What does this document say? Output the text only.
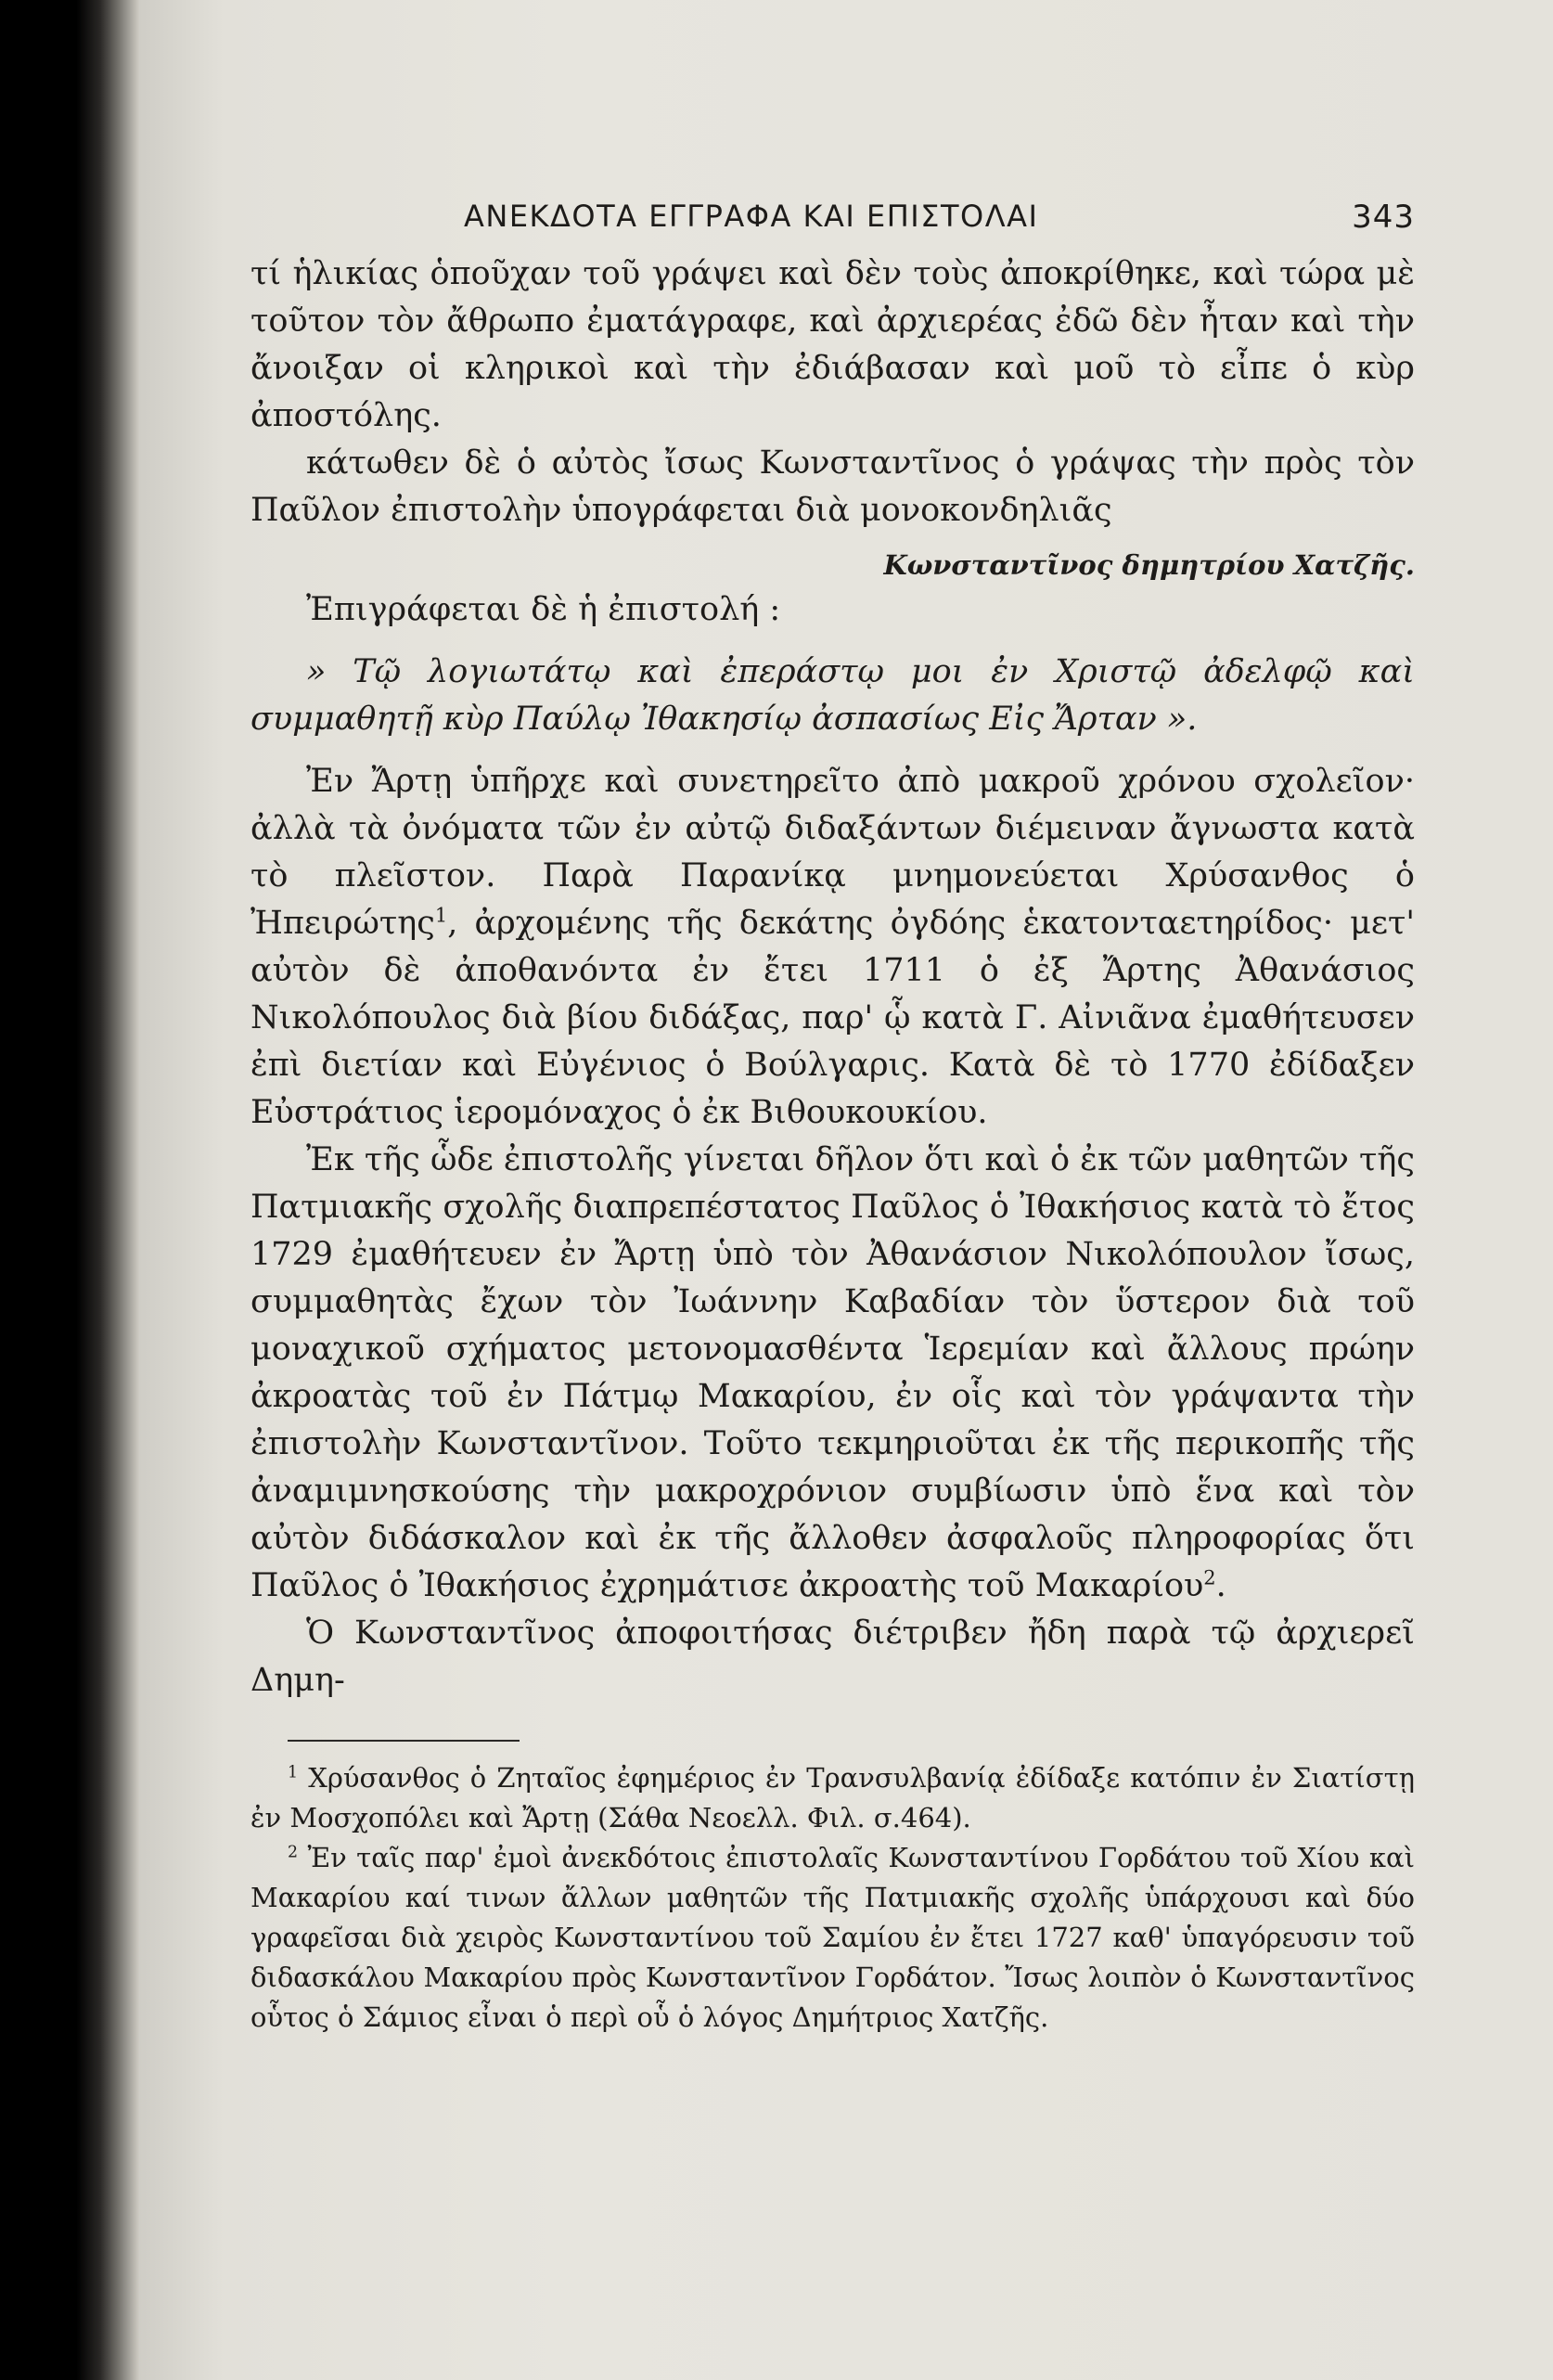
ΑΝΕΚΔΟΤΑ ΕΓΓΡΑΦΑ ΚΑΙ ΕΠΙΣΤΟΛΑΙ	343

τί ἡλικίας ὁποῦχαν τοῦ γράψει καὶ δὲν τοὺς ἀποκρίθηκε, καὶ τώρα μὲ τοῦτον τὸν ἄθρωπο ἐματάγραφε, καὶ ἀρχιερέας ἐδῶ δὲν ἦταν καὶ τὴν ἄνοιξαν οἱ κληρικοὶ καὶ τὴν ἐδιάβασαν καὶ μοῦ τὸ εἶπε ὁ κὺρ ἀποστόλης.

κάτωθεν δὲ ὁ αὐτὸς ἴσως Κωνσταντῖνος ὁ γράψας τὴν πρὸς τὸν Παῦλον ἐπιστολὴν ὑπογράφεται διὰ μονοκονδηλιᾶς

Κωνσταντῖνος δημητρίου Χατζῆς.

Ἐπιγράφεται δὲ ἡ ἐπιστολή :

» Τῷ λογιωτάτῳ καὶ ἐπεράστῳ μοι ἐν Χριστῷ ἀδελφῷ καὶ συμμαθητῇ κὺρ Παύλῳ Ἰθακησίῳ ἀσπασίως Εἰς Ἄρταν ».

Ἐν Ἄρτῃ ὑπῆρχε καὶ συνετηρεῖτο ἀπὸ μακροῦ χρόνου σχολεῖον· ἀλλὰ τὰ ὀνόματα τῶν ἐν αὐτῷ διδαξάντων διέμειναν ἄγνωστα κατὰ τὸ πλεῖστον. Παρὰ Παρανίκᾳ μνημονεύεται Χρύσανθος ὁ Ἠπειρώτης$^1$, ἀρχομένης τῆς δεκάτης ὀγδόης ἑκατονταετηρίδος· μετ' αὐτὸν δὲ ἀποθανόντα ἐν ἔτει 1711 ὁ ἐξ Ἄρτης Ἀθανάσιος Νικολόπουλος διὰ βίου διδάξας, παρ' ᾧ κατὰ Γ. Αἰνιᾶνα ἐμαθήτευσεν ἐπὶ διετίαν καὶ Εὐγένιος ὁ Βούλγαρις. Κατὰ δὲ τὸ 1770 ἐδίδαξεν Εὐστράτιος ἱερομόναχος ὁ ἐκ Βιθουκουκίου.

Ἐκ τῆς ὧδε ἐπιστολῆς γίνεται δῆλον ὅτι καὶ ὁ ἐκ τῶν μαθητῶν τῆς Πατμιακῆς σχολῆς διαπρεπέστατος Παῦλος ὁ Ἰθακήσιος κατὰ τὸ ἔτος 1729 ἐμαθήτευεν ἐν Ἄρτῃ ὑπὸ τὸν Ἀθανάσιον Νικολόπουλον ἴσως, συμμαθητὰς ἔχων τὸν Ἰωάννην Καβαδίαν τὸν ὕστερον διὰ τοῦ μοναχικοῦ σχήματος μετονομασθέντα Ἱερεμίαν καὶ ἄλλους πρώην ἀκροατὰς τοῦ ἐν Πάτμῳ Μακαρίου, ἐν οἷς καὶ τὸν γράψαντα τὴν ἐπιστολὴν Κωνσταντῖνον. Τοῦτο τεκμηριοῦται ἐκ τῆς περικοπῆς τῆς ἀναμιμνησκούσης τὴν μακροχρόνιον συμβίωσιν ὑπὸ ἕνα καὶ τὸν αὐτὸν διδάσκαλον καὶ ἐκ τῆς ἄλλοθεν ἀσφαλοῦς πληροφορίας ὅτι Παῦλος ὁ Ἰθακήσιος ἐχρημάτισε ἀκροατὴς τοῦ Μακαρίου$^2$.

Ὁ Κωνσταντῖνος ἀποφοιτήσας διέτριβεν ἤδη παρὰ τῷ ἀρχιερεῖ Δημη-

$^1$ Χρύσανθος ὁ Ζηταῖος ἐφημέριος ἐν Τρανσυλβανίᾳ ἐδίδαξε κατόπιν ἐν Σιατίστῃ ἐν Μοσχοπόλει καὶ Ἄρτῃ (Σάθα Νεοελλ. Φιλ. σ.464).

$^2$ Ἐν ταῖς παρ' ἐμοὶ ἀνεκδότοις ἐπιστολαῖς Κωνσταντίνου Γορδάτου τοῦ Χίου καὶ Μακαρίου καί τινων ἄλλων μαθητῶν τῆς Πατμιακῆς σχολῆς ὑπάρχουσι καὶ δύο γραφεῖσαι διὰ χειρὸς Κωνσταντίνου τοῦ Σαμίου ἐν ἔτει 1727 καθ' ὑπαγόρευσιν τοῦ διδασκάλου Μακαρίου πρὸς Κωνσταντῖνον Γορδάτον. Ἴσως λοιπὸν ὁ Κωνσταντῖνος οὗτος ὁ Σάμιος εἶναι ὁ περὶ οὗ ὁ λόγος Δημήτριος Χατζῆς.
